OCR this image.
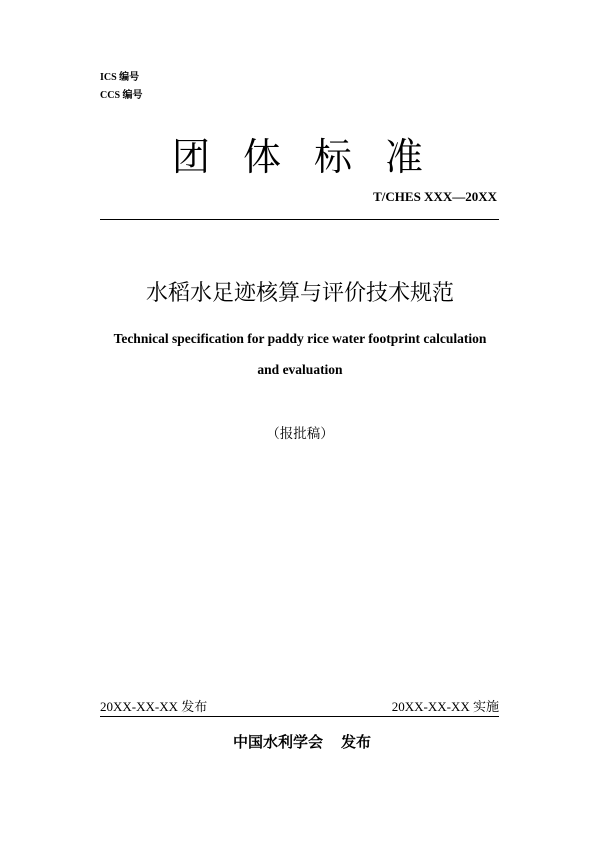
ICS 编号
CCS 编号
团体标准
T/CHES XXX—20XX
水稻水足迹核算与评价技术规范
Technical specification for paddy rice water footprint calculation
and evaluation
（报批稿）
20XX-XX-XX 发布	20XX-XX-XX 实施
中国水利学会 发布
